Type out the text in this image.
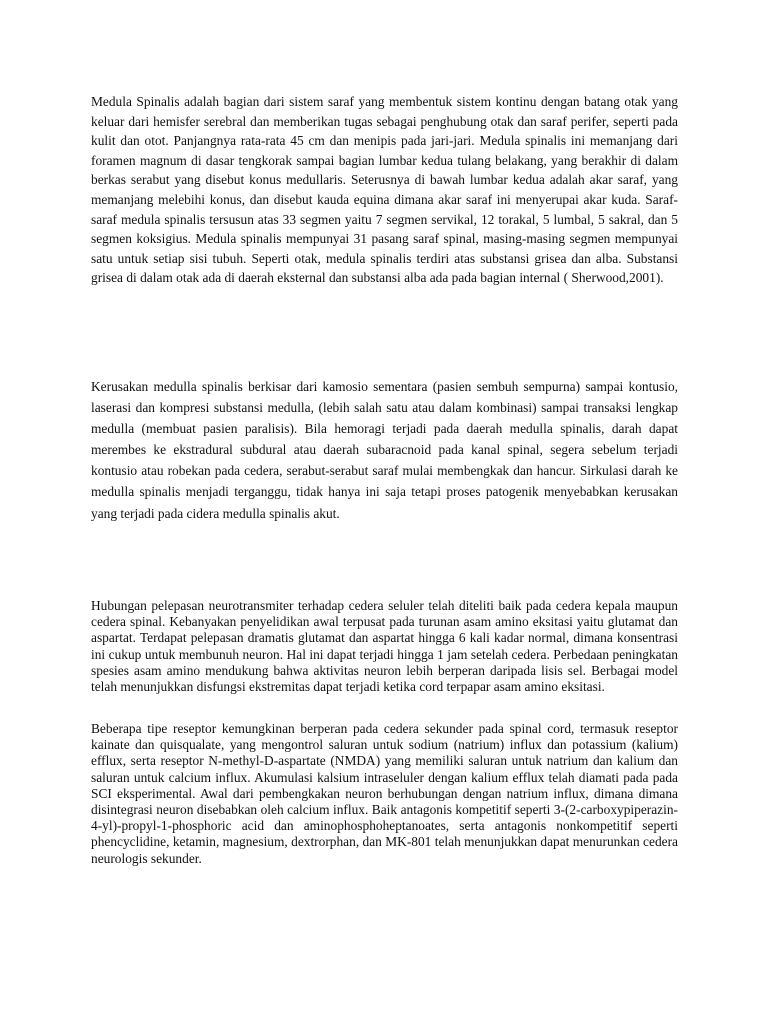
Medula Spinalis adalah bagian dari sistem saraf yang membentuk sistem kontinu dengan batang otak yang keluar dari hemisfer serebral dan memberikan tugas sebagai penghubung otak dan saraf perifer, seperti pada kulit dan otot. Panjangnya rata-rata 45 cm dan menipis pada jari-jari. Medula spinalis ini memanjang dari foramen magnum di dasar tengkorak sampai bagian lumbar kedua tulang belakang, yang berakhir di dalam berkas serabut yang disebut konus medullaris. Seterusnya di bawah lumbar kedua adalah akar saraf, yang memanjang melebihi konus, dan disebut kauda equina dimana akar saraf ini menyerupai akar kuda. Saraf-saraf medula spinalis tersusun atas 33 segmen yaitu 7 segmen servikal, 12 torakal, 5 lumbal, 5 sakral, dan 5 segmen koksigius. Medula spinalis mempunyai 31 pasang saraf spinal, masing-masing segmen mempunyai satu untuk setiap sisi tubuh. Seperti otak, medula spinalis terdiri atas substansi grisea dan alba. Substansi grisea di dalam otak ada di daerah eksternal dan substansi alba ada pada bagian internal ( Sherwood,2001).

Kerusakan medulla spinalis berkisar dari kamosio sementara (pasien sembuh sempurna) sampai kontusio, laserasi dan kompresi substansi medulla, (lebih salah satu atau dalam kombinasi) sampai transaksi lengkap medulla (membuat pasien paralisis). Bila hemoragi terjadi pada daerah medulla spinalis, darah dapat merembes ke ekstradural subdural atau daerah subaracnoid pada kanal spinal, segera sebelum terjadi kontusio atau robekan pada cedera, serabut-serabut saraf mulai membengkak dan hancur. Sirkulasi darah ke medulla spinalis menjadi terganggu, tidak hanya ini saja tetapi proses patogenik menyebabkan kerusakan yang terjadi pada cidera medulla spinalis akut.

Hubungan pelepasan neurotransmiter terhadap cedera seluler telah diteliti baik pada cedera kepala maupun cedera spinal. Kebanyakan penyelidikan awal terpusat pada turunan asam amino eksitasi yaitu glutamat dan aspartat. Terdapat pelepasan dramatis glutamat dan aspartat hingga 6 kali kadar normal, dimana konsentrasi ini cukup untuk membunuh neuron. Hal ini dapat terjadi hingga 1 jam setelah cedera. Perbedaan peningkatan spesies asam amino mendukung bahwa aktivitas neuron lebih berperan daripada lisis sel. Berbagai model telah menunjukkan disfungsi ekstremitas dapat terjadi ketika cord terpapar asam amino eksitasi.

Beberapa tipe reseptor kemungkinan berperan pada cedera sekunder pada spinal cord, termasuk reseptor kainate dan quisqualate, yang mengontrol saluran untuk sodium (natrium) influx dan potassium (kalium) efflux, serta reseptor N-methyl-D-aspartate (NMDA) yang memiliki saluran untuk natrium dan kalium dan saluran untuk calcium influx. Akumulasi kalsium intraseluler dengan kalium efflux telah diamati pada pada SCI eksperimental. Awal dari pembengkakan neuron berhubungan dengan natrium influx, dimana dimana disintegrasi neuron disebabkan oleh calcium influx. Baik antagonis kompetitif seperti 3-(2-carboxypiperazin-4-yl)-propyl-1-phosphoric acid dan aminophosphoheptanoates, serta antagonis nonkompetitif seperti phencyclidine, ketamin, magnesium, dextrorphan, dan MK-801 telah menunjukkan dapat menurunkan cedera neurologis sekunder.
